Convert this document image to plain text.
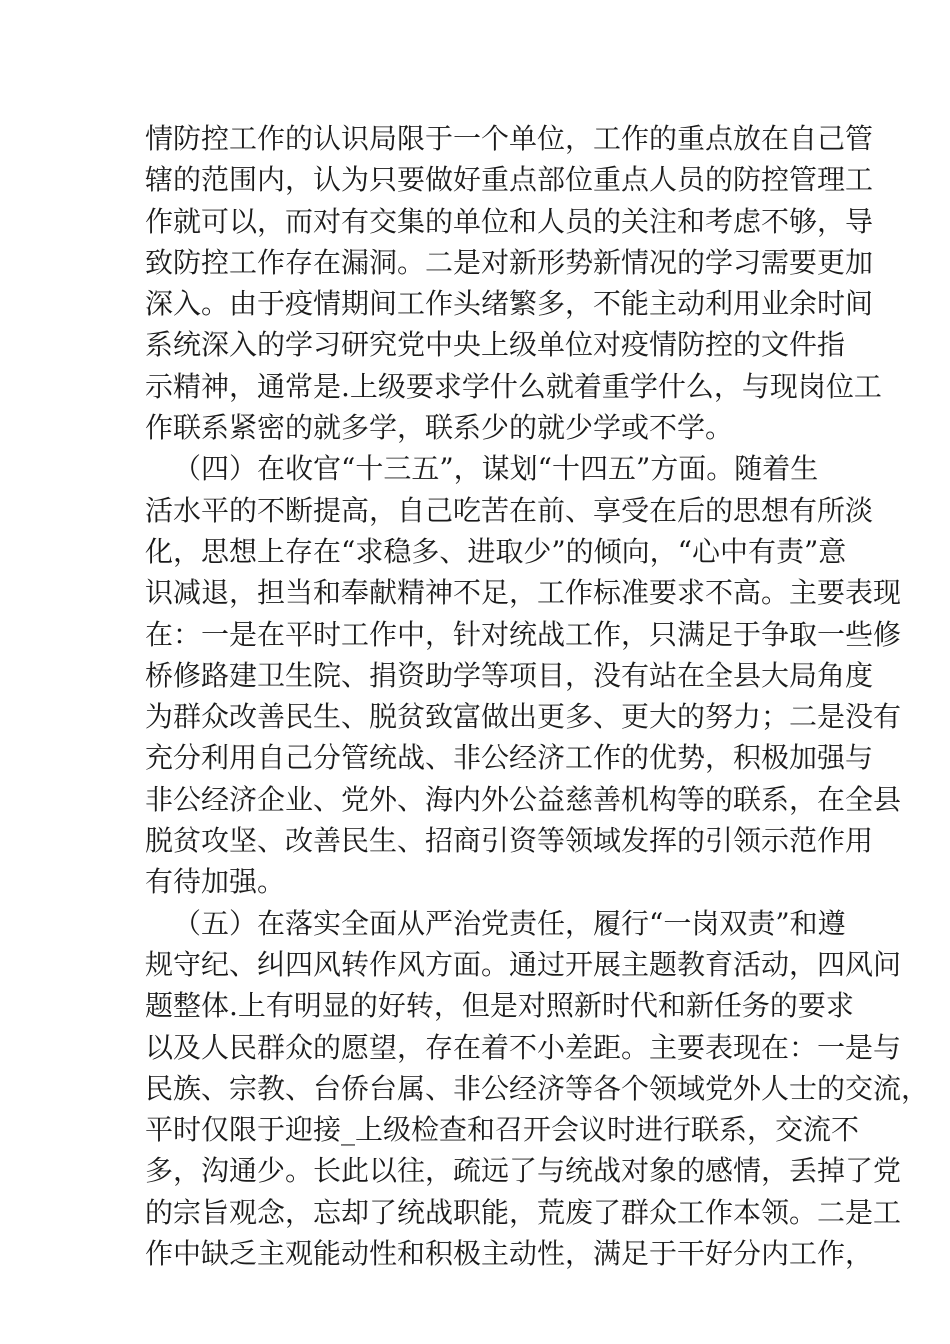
情防控工作的认识局限于一个单位，工作的重点放在自己管
辖的范围内，认为只要做好重点部位重点人员的防控管理工
作就可以，而对有交集的单位和人员的关注和考虑不够，导
致防控工作存在漏洞。二是对新形势新情况的学习需要更加
深入。由于疫情期间工作头绪繁多，不能主动利用业余时间
系统深入的学习研究党中央上级单位对疫情防控的文件指
示精神，通常是.上级要求学什么就着重学什么，与现岗位工
作联系紧密的就多学，联系少的就少学或不学。
（四）在收官“十三五”，谋划“十四五”方面。随着生
活水平的不断提高，自己吃苦在前、享受在后的思想有所淡
化，思想上存在“求稳多、进取少”的倾向，“心中有责”意
识减退，担当和奉献精神不足，工作标准要求不高。主要表现
在：一是在平时工作中，针对统战工作，只满足于争取一些修
桥修路建卫生院、捐资助学等项目，没有站在全县大局角度
为群众改善民生、脱贫致富做出更多、更大的努力；二是没有
充分利用自己分管统战、非公经济工作的优势，积极加强与
非公经济企业、党外、海内外公益慈善机构等的联系，在全县
脱贫攻坚、改善民生、招商引资等领域发挥的引领示范作用
有待加强。
（五）在落实全面从严治党责任，履行“一岗双责”和遵
规守纪、纠四风转作风方面。通过开展主题教育活动，四风问
题整体.上有明显的好转，但是对照新时代和新任务的要求
以及人民群众的愿望，存在着不小差距。主要表现在：一是与
民族、宗教、台侨台属、非公经济等各个领域党外人士的交流，
平时仅限于迎接_上级检查和召开会议时进行联系，交流不
多，沟通少。长此以往，疏远了与统战对象的感情，丢掉了党
的宗旨观念，忘却了统战职能，荒废了群众工作本领。二是工
作中缺乏主观能动性和积极主动性，满足于干好分内工作，
